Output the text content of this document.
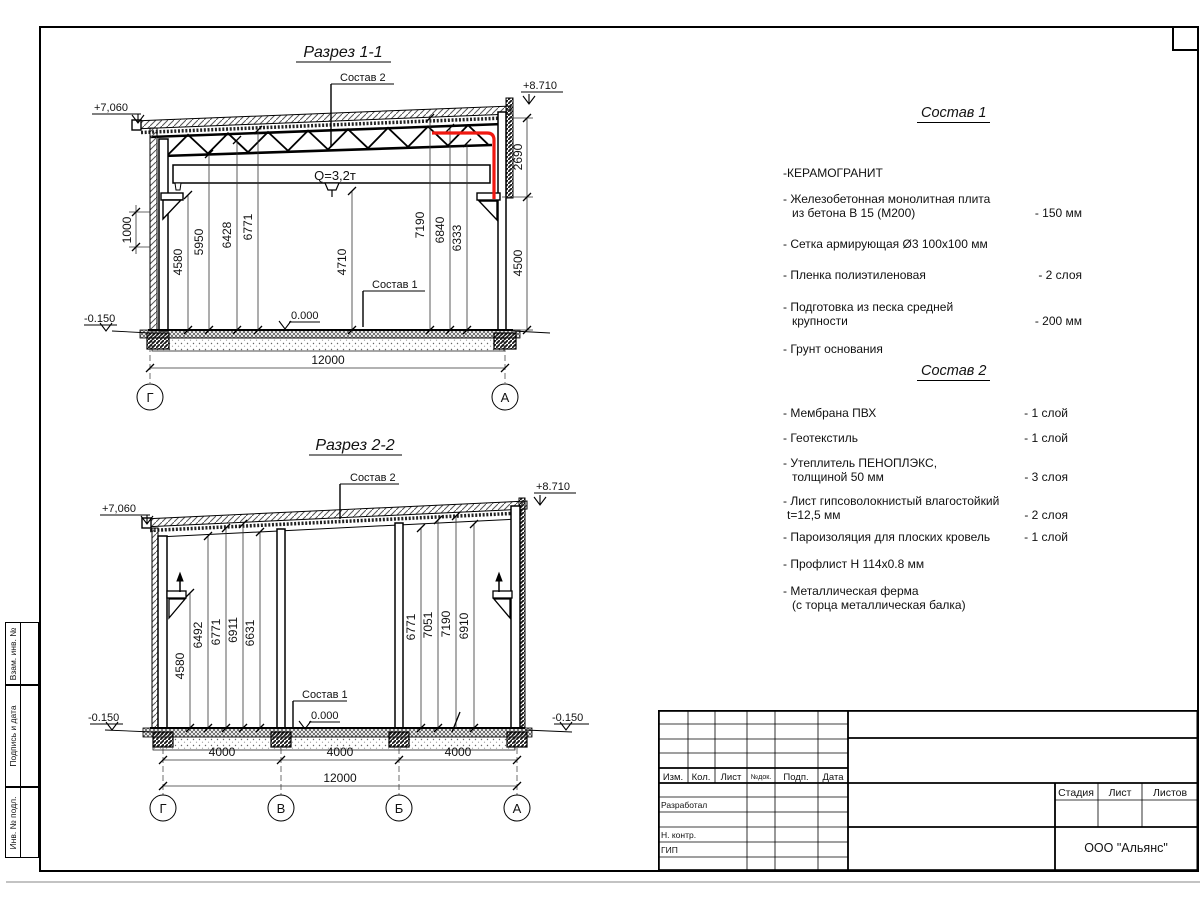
Взам. инв. №
Подпись и дата
Инв. № подл.
Q=3,2т
4580
5950 6428 6771
4710
7190 6840 6333
1000
2690
4500
12000
Состав 2
Состав 1
+8.710
+7,060
0.000
-0.150
Г	А
Разрез 1-1
4580
6492 6771 6911 6631	6771 7051 7190 6910
4000	4000	4000
12000
Состав 2
Состав 1
+8.710
+7,060
0.000
-0.150	-0.150
Г	В	Б	А
Разрез 2-2
Состав 1
-КЕРАМОГРАНИТ
- Железобетонная монолитная плита
из бетона В 15 (М200)	- 150 мм
- Сетка армирующая Ø3 100x100 мм
- Пленка полиэтиленовая	- 2 слоя
- Подготовка из песка средней
крупности	- 200 мм
- Грунт основания
Состав 2
- Мембрана ПВХ	- 1 слой
- Геотекстиль	- 1 слой
- Утеплитель ПЕНОПЛЭКС,
толщиной 50 мм	- 3 слоя
- Лист гипсоволокнистый влагостойкий
t=12,5 мм	- 2 слоя
- Пароизоляция для плоских кровель	- 1 слой
- Профлист Н 114x0.8 мм
- Металлическая ферма
(с торца металлическая балка)
Изм. Кол. Лист №док. Подп. Дата
Разработал
Н. контр.
ГИП
Стадия Лист Листов
ООО "Альянс"
